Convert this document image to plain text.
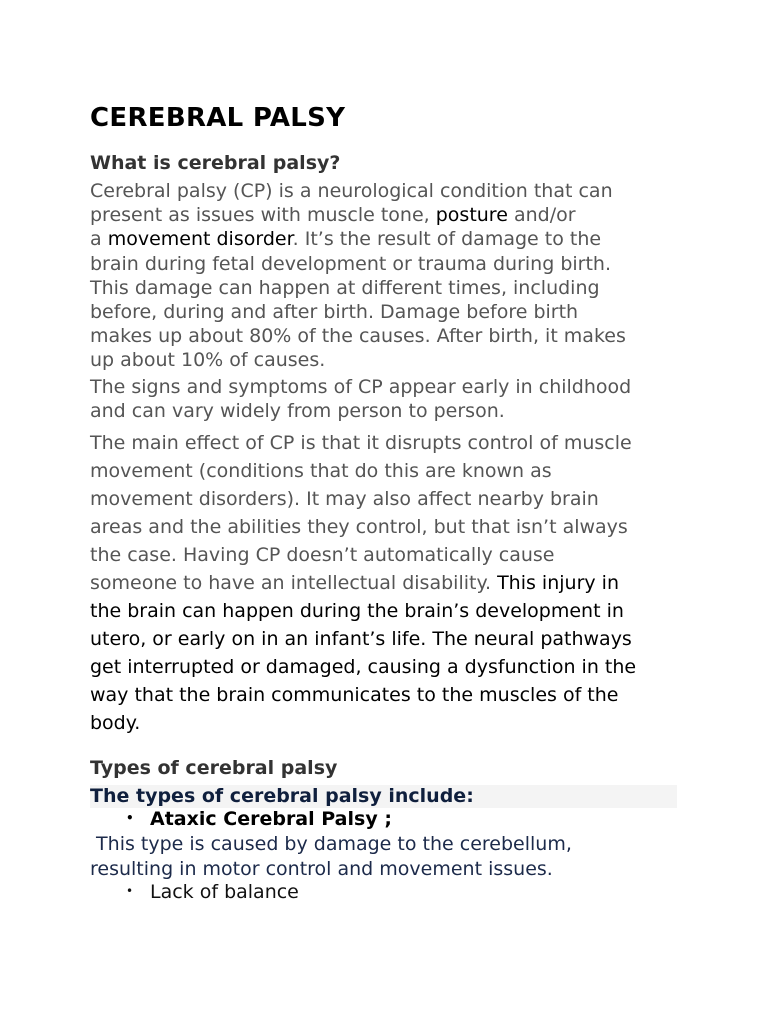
CEREBRAL PALSY
What is cerebral palsy?
Cerebral palsy (CP) is a neurological condition that can
present as issues with muscle tone, posture and/or
a movement disorder. It’s the result of damage to the
brain during fetal development or trauma during birth.
This damage can happen at different times, including
before, during and after birth. Damage before birth
makes up about 80% of the causes. After birth, it makes
up about 10% of causes.
The signs and symptoms of CP appear early in childhood
and can vary widely from person to person.
The main effect of CP is that it disrupts control of muscle
movement (conditions that do this are known as
movement disorders). It may also affect nearby brain
areas and the abilities they control, but that isn’t always
the case. Having CP doesn’t automatically cause
someone to have an intellectual disability. This injury in
the brain can happen during the brain’s development in
utero, or early on in an infant’s life. The neural pathways
get interrupted or damaged, causing a dysfunction in the
way that the brain communicates to the muscles of the
body.
Types of cerebral palsy
The types of cerebral palsy include:
• Ataxic Cerebral Palsy ;
This type is caused by damage to the cerebellum,
resulting in motor control and movement issues.
• Lack of balance
